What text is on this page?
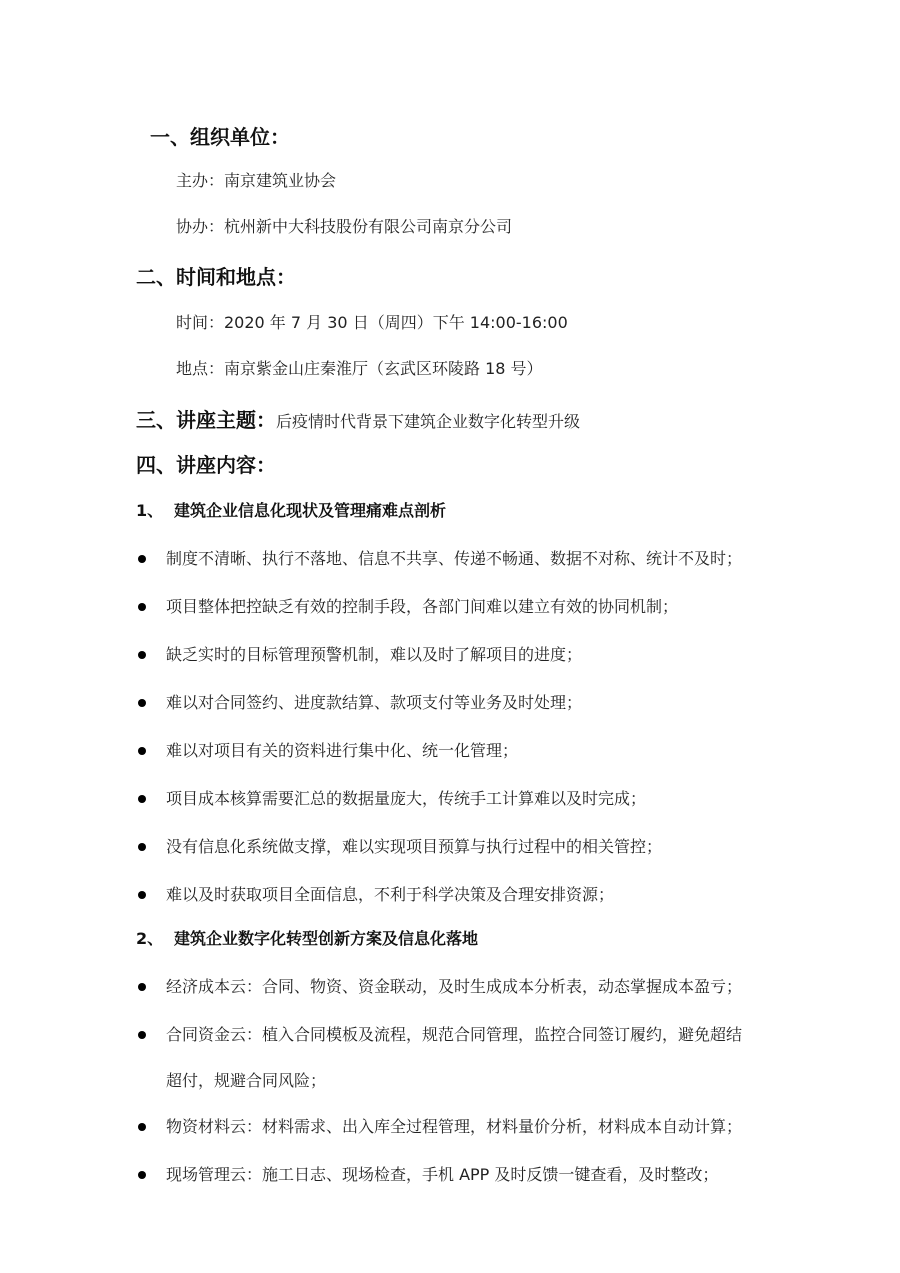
一、组织单位：
主办：南京建筑业协会
协办：杭州新中大科技股份有限公司南京分公司
二、时间和地点：
时间：2020 年 7 月 30 日（周四）下午 14:00-16:00
地点：南京紫金山庄秦淮厅（玄武区环陵路 18 号）
三、讲座主题：后疫情时代背景下建筑企业数字化转型升级
四、讲座内容：
1、 建筑企业信息化现状及管理痛难点剖析
制度不清晰、执行不落地、信息不共享、传递不畅通、数据不对称、统计不及时；
项目整体把控缺乏有效的控制手段，各部门间难以建立有效的协同机制；
缺乏实时的目标管理预警机制，难以及时了解项目的进度；
难以对合同签约、进度款结算、款项支付等业务及时处理；
难以对项目有关的资料进行集中化、统一化管理；
项目成本核算需要汇总的数据量庞大，传统手工计算难以及时完成；
没有信息化系统做支撑，难以实现项目预算与执行过程中的相关管控；
难以及时获取项目全面信息，不利于科学决策及合理安排资源；
2、 建筑企业数字化转型创新方案及信息化落地
经济成本云：合同、物资、资金联动，及时生成成本分析表，动态掌握成本盈亏；
合同资金云：植入合同模板及流程，规范合同管理，监控合同签订履约，避免超结
超付，规避合同风险；
物资材料云：材料需求、出入库全过程管理，材料量价分析，材料成本自动计算；
现场管理云：施工日志、现场检查，手机 APP 及时反馈一键查看，及时整改；
